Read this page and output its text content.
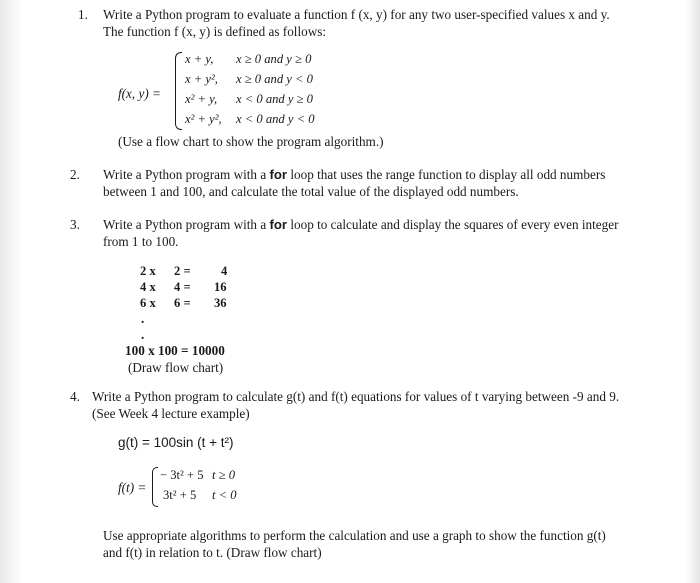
1. Write a Python program to evaluate a function f (x, y) for any two user-specified values x and y.
The function f (x, y) is defined as follows:
f(x, y) =
x + y, x ≥ 0 and y ≥ 0
x + y², x ≥ 0 and y < 0
x² + y, x < 0 and y ≥ 0
x² + y², x < 0 and y < 0
(Use a flow chart to show the program algorithm.)
2. Write a Python program with a for loop that uses the range function to display all odd numbers between 1 and 100, and calculate the total value of the displayed odd numbers.
3. Write a Python program with a for loop to calculate and display the squares of every even integer from 1 to 100.
2 x 2 = 4
4 x 4 = 16
6 x 6 = 36
.
.
100 x 100 = 10000
(Draw flow chart)
4. Write a Python program to calculate g(t) and f(t) equations for values of t varying between -9 and 9. (See Week 4 lecture example)
g(t) = 100sin (t + t²)
f(t) =
− 3t² + 5 t ≥ 0
3t² + 5 t < 0
Use appropriate algorithms to perform the calculation and use a graph to show the function g(t) and f(t) in relation to t. (Draw flow chart)
